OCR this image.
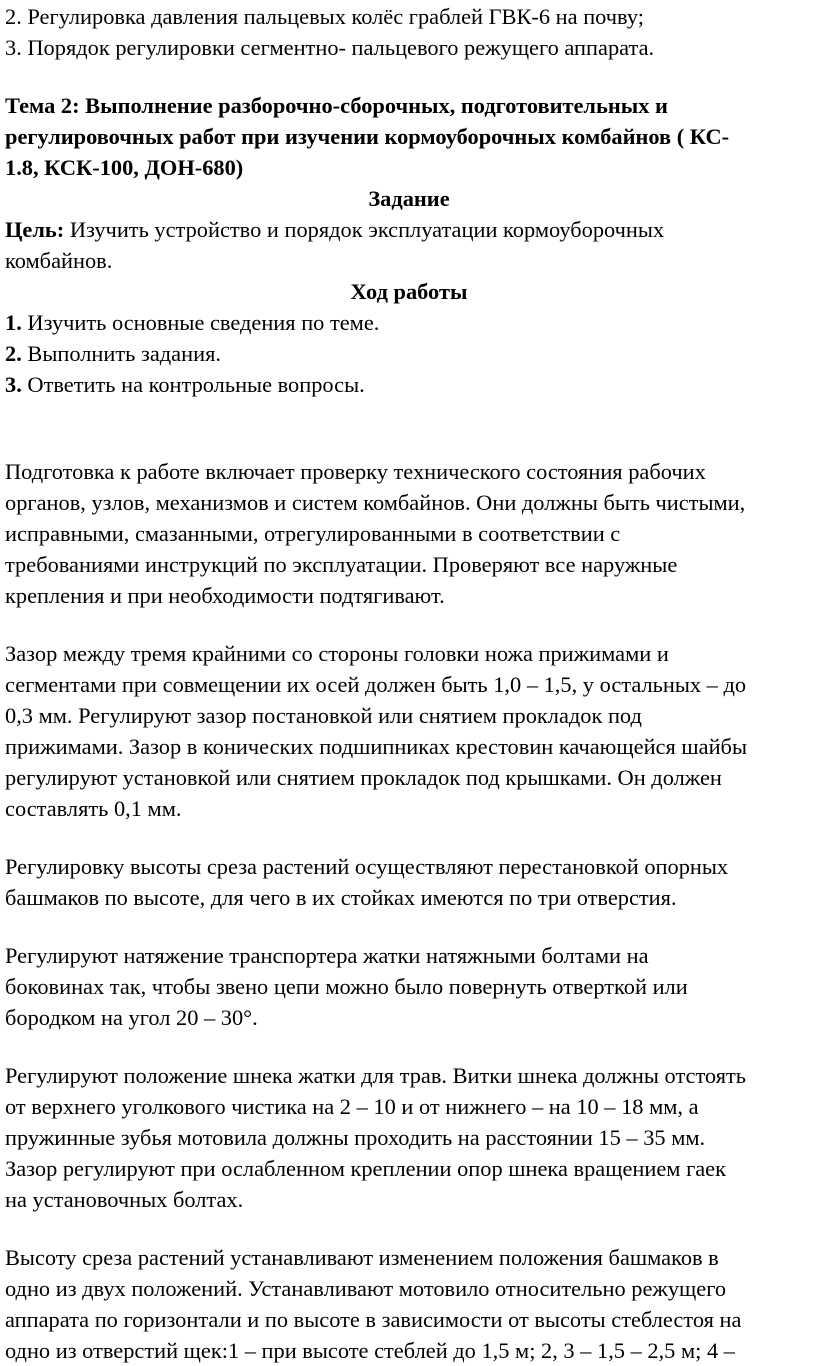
2. Регулировка давления пальцевых колёс граблей ГВК-6 на почву;

3. Порядок регулировки сегментно- пальцевого режущего аппарата.

Тема 2: Выполнение разборочно-сборочных, подготовительных и

регулировочных работ при изучении кормоуборочных комбайнов ( КС-

1.8, КСК-100, ДОН-680)

Задание

Цель: Изучить устройство и порядок эксплуатации кормоуборочных

комбайнов.

Ход работы

1. Изучить основные сведения по теме.

2. Выполнить задания.

3. Ответить на контрольные вопросы.

Подготовка к работе включает проверку технического состояния рабочих

органов, узлов, механизмов и систем комбайнов. Они должны быть чистыми,

исправными, смазанными, отрегулированными в соответствии с

требованиями инструкций по эксплуатации. Проверяют все наружные

крепления и при необходимости подтягивают.

Зазор между тремя крайними со стороны головки ножа прижимами и

сегментами при совмещении их осей должен быть 1,0 – 1,5, у остальных – до

0,3 мм. Регулируют зазор постановкой или снятием прокладок под

прижимами. Зазор в конических подшипниках крестовин качающейся шайбы

регулируют установкой или снятием прокладок под крышками. Он должен

составлять 0,1 мм.

Регулировку высоты среза растений осуществляют перестановкой опорных

башмаков по высоте, для чего в их стойках имеются по три отверстия.

Регулируют натяжение транспортера жатки натяжными болтами на

боковинах так, чтобы звено цепи можно было повернуть отверткой или

бородком на угол 20 – 30°.

Регулируют положение шнека жатки для трав. Витки шнека должны отстоять

от верхнего уголкового чистика на 2 – 10 и от нижнего – на 10 – 18 мм, а

пружинные зубья мотовила должны проходить на расстоянии 15 – 35 мм.

Зазор регулируют при ослабленном креплении опор шнека вращением гаек

на установочных болтах.

Высоту среза растений устанавливают изменением положения башмаков в

одно из двух положений. Устанавливают мотовило относительно режущего

аппарата по горизонтали и по высоте в зависимости от высоты стеблестоя на

одно из отверстий щек:1 – при высоте стеблей до 1,5 м; 2, 3 – 1,5 – 2,5 м; 4 –
